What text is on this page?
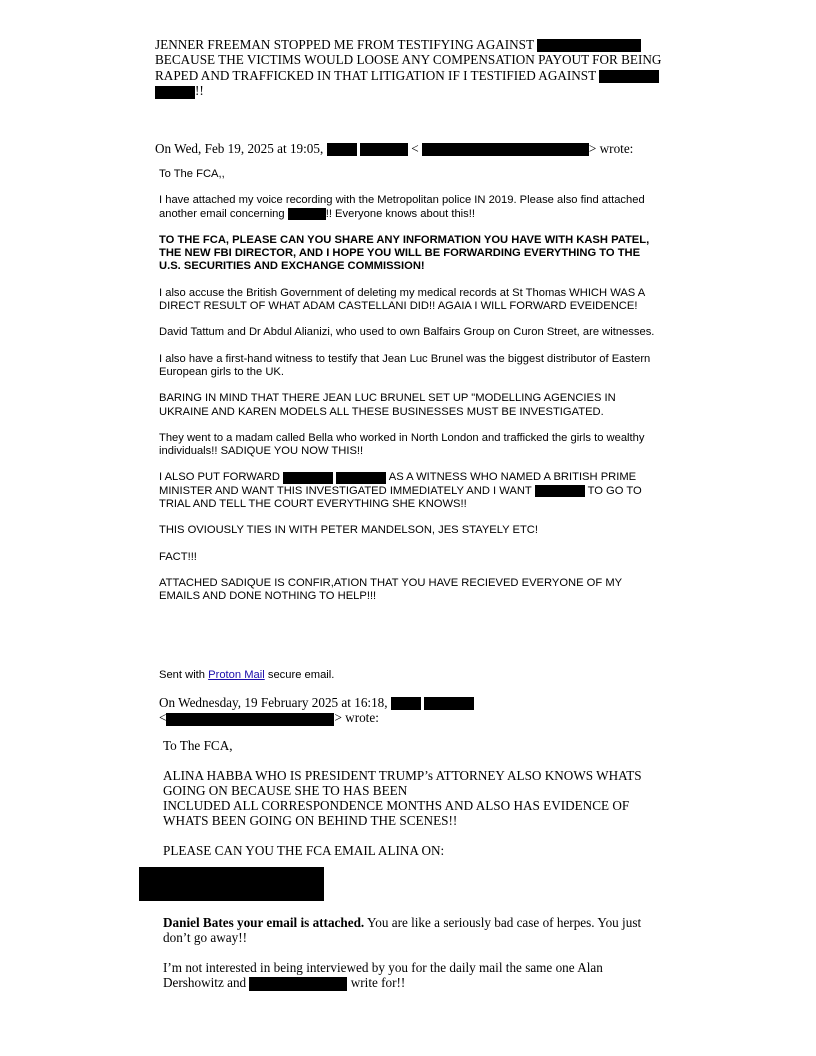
JENNER FREEMAN STOPPED ME FROM TESTIFYING AGAINST  BECAUSE THE VICTIMS WOULD LOOSE ANY COMPENSATION PAYOUT FOR BEING RAPED AND TRAFFICKED IN THAT LITIGATION IF I TESTIFIED AGAINST  !!
On Wed, Feb 19, 2025 at 19:05,	<	> wrote:

To The FCA,,

I have attached my voice recording with the Metropolitan police IN 2019. Please also find attached another email concerning	!! Everyone knows about this!!

TO THE FCA, PLEASE CAN YOU SHARE ANY INFORMATION YOU HAVE WITH KASH PATEL, THE NEW FBI DIRECTOR, AND I HOPE YOU WILL BE FORWARDING EVERYTHING TO THE U.S. SECURITIES AND EXCHANGE COMMISSION!

I also accuse the British Government of deleting my medical records at St Thomas WHICH WAS A DIRECT RESULT OF WHAT ADAM CASTELLANI DID!! AGAIA I WILL FORWARD EVEIDENCE!

David Tattum and Dr Abdul Alianizi, who used to own Balfairs Group on Curon Street, are witnesses.

I also have a first-hand witness to testify that Jean Luc Brunel was the biggest distributor of Eastern European girls to the UK.

BARING IN MIND THAT THERE JEAN LUC BRUNEL SET UP "MODELLING AGENCIES IN UKRAINE AND KAREN MODELS ALL THESE BUSINESSES MUST BE INVESTIGATED.

They went to a madam called Bella who worked in North London and trafficked the girls to wealthy individuals!! SADIQUE YOU NOW THIS!!

I ALSO PUT FORWARD	AS A WITNESS WHO NAMED A BRITISH PRIME MINISTER AND WANT THIS INVESTIGATED IMMEDIATELY AND I WANT	TO GO TO TRIAL AND TELL THE COURT EVERYTHING SHE KNOWS!!

THIS OVIOUSLY TIES IN WITH PETER MANDELSON, JES STAYELY ETC!

FACT!!!

ATTACHED SADIQUE IS CONFIR,ATION THAT YOU HAVE RECIEVED EVERYONE OF MY EMAILS AND DONE NOTHING TO HELP!!!

Sent with Proton Mail secure email.
On Wednesday, 19 February 2025 at 16:18,
<	> wrote:

To The FCA,

ALINA HABBA WHO IS PRESIDENT TRUMP’s ATTORNEY ALSO KNOWS WHATS GOING ON BECAUSE SHE TO HAS BEEN

INCLUDED ALL CORRESPONDENCE MONTHS AND ALSO HAS EVIDENCE OF WHATS BEEN GOING ON BEHIND THE SCENES!!

PLEASE CAN YOU THE FCA EMAIL ALINA ON:

Daniel Bates your email is attached. You are like a seriously bad case of herpes. You just don’t go away!!

I’m not interested in being interviewed by you for the daily mail the same one Alan Dershowitz and	write for!!
